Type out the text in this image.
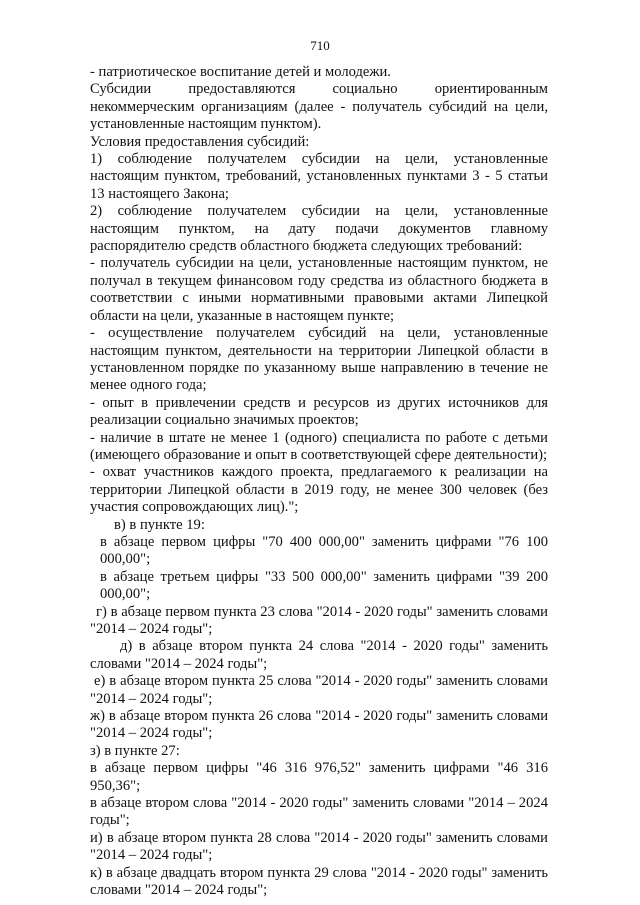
710

- патриотическое воспитание детей и молодежи.

Субсидии предоставляются социально ориентированным некоммерческим организациям (далее - получатель субсидий на цели, установленные настоящим пунктом).

Условия предоставления субсидий:

1) соблюдение получателем субсидии на цели, установленные настоящим пунктом, требований, установленных пунктами 3 - 5 статьи 13 настоящего Закона;

2) соблюдение получателем субсидии на цели, установленные настоящим пунктом, на дату подачи документов главному распорядителю средств областного бюджета следующих требований:

- получатель субсидии на цели, установленные настоящим пунктом, не получал в текущем финансовом году средства из областного бюджета в соответствии с иными нормативными правовыми актами Липецкой области на цели, указанные в настоящем пункте;

- осуществление получателем субсидий на цели, установленные настоящим пунктом, деятельности на территории Липецкой области в установленном порядке по указанному выше направлению в течение не менее одного года;

- опыт в привлечении средств и ресурсов из других источников для реализации социально значимых проектов;

- наличие в штате не менее 1 (одного) специалиста по работе с детьми (имеющего образование и опыт в соответствующей сфере деятельности);

- охват участников каждого проекта, предлагаемого к реализации на территории Липецкой области в 2019 году, не менее 300 человек (без участия сопровождающих лиц).";

в) в пункте 19:

в абзаце первом цифры "70 400 000,00" заменить цифрами "76 100 000,00";

в абзаце третьем цифры "33 500 000,00" заменить цифрами "39 200 000,00";

г) в абзаце первом пункта 23 слова "2014 - 2020 годы" заменить словами "2014 – 2024 годы";

д) в абзаце втором пункта 24 слова "2014 - 2020 годы" заменить словами "2014 – 2024 годы";

е) в абзаце втором пункта 25 слова "2014 - 2020 годы" заменить словами "2014 – 2024 годы";

ж) в абзаце втором пункта 26 слова "2014 - 2020 годы" заменить словами "2014 – 2024 годы";

з) в пункте 27:

в абзаце первом цифры "46 316 976,52" заменить цифрами "46 316 950,36";

в абзаце втором слова "2014 - 2020 годы" заменить словами "2014 – 2024 годы";

и) в абзаце втором пункта 28 слова "2014 - 2020 годы" заменить словами "2014 – 2024 годы";

к) в абзаце двадцать втором пункта 29 слова "2014 - 2020 годы" заменить словами "2014 – 2024 годы";
